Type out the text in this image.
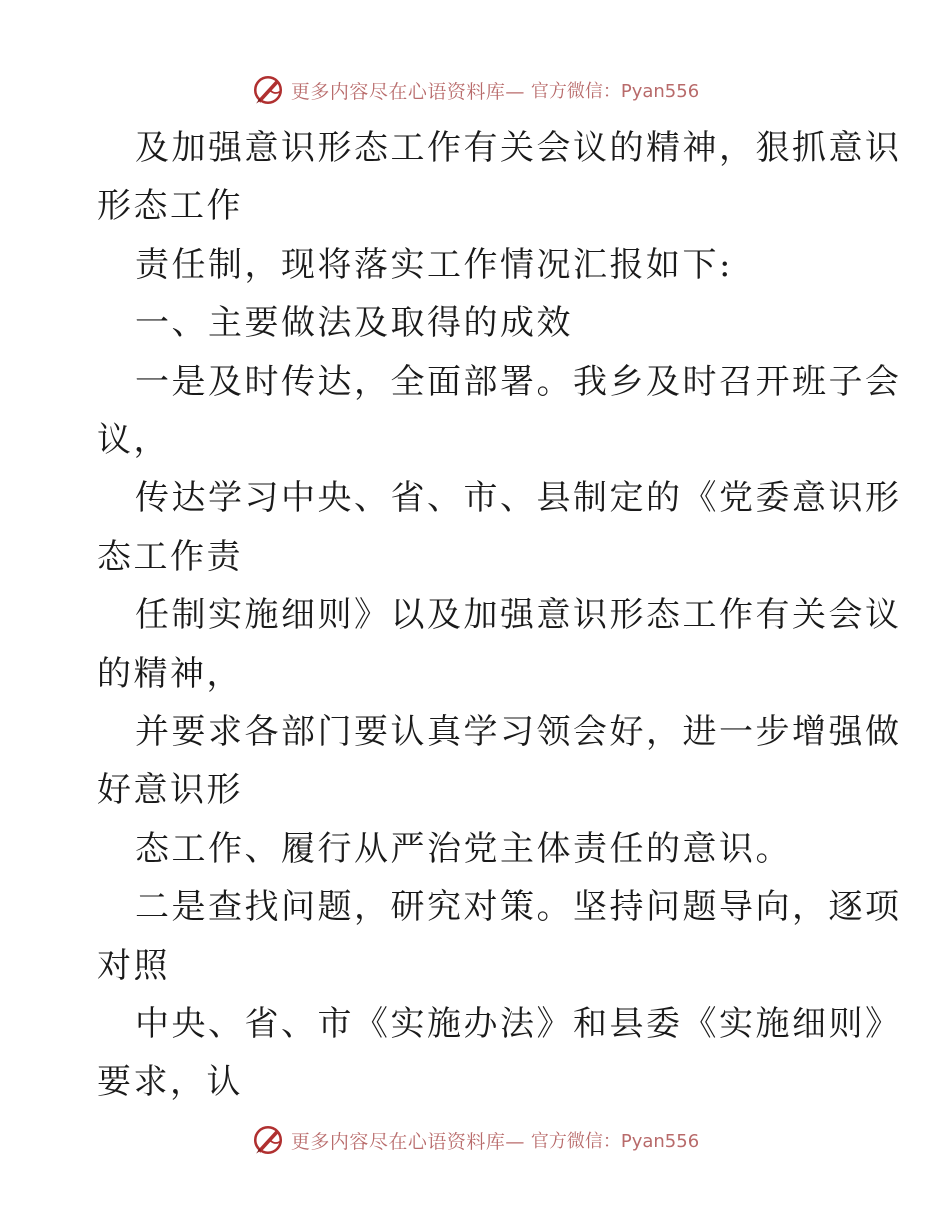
更多内容尽在心语资料库— 官方微信：Pyan556
及加强意识形态工作有关会议的精神，狠抓意识
形态工作
责任制，现将落实工作情况汇报如下:
一、主要做法及取得的成效
一是及时传达，全面部署。我乡及时召开班子会
议，
传达学习中央、省、市、县制定的《党委意识形
态工作责
任制实施细则》以及加强意识形态工作有关会议
的精神，
并要求各部门要认真学习领会好，进一步增强做
好意识形
态工作、履行从严治党主体责任的意识。
二是查找问题，研究对策。坚持问题导向，逐项
对照
中央、省、市《实施办法》和县委《实施细则》
要求，认
更多内容尽在心语资料库— 官方微信：Pyan556
